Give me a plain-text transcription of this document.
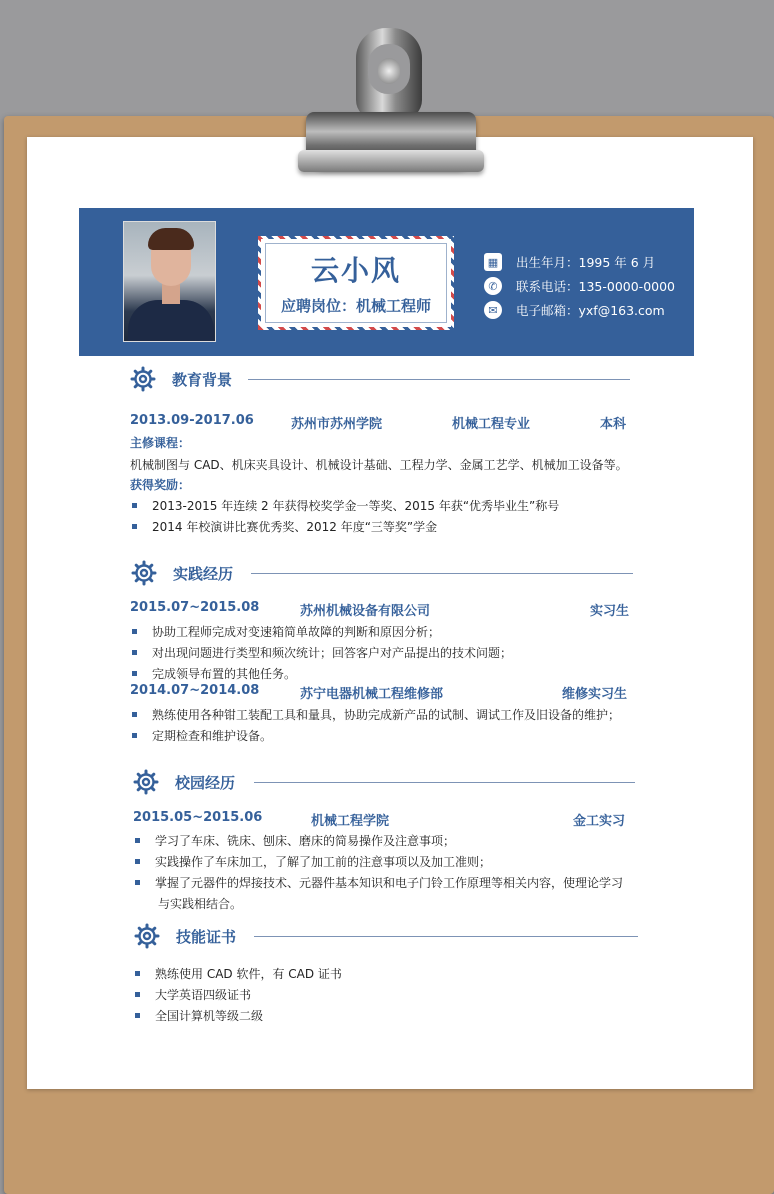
云小风
应聘岗位：机械工程师
▦	出生年月：1995 年 6 月
✆	联系电话：135-0000-0000
✉	电子邮箱：yxf@163.com
教育背景
2013.09-2017.06	苏州市苏州学院	机械工程专业	本科
主修课程：
机械制图与 CAD、机床夹具设计、机械设计基础、工程力学、金属工艺学、机械加工设备等。
获得奖励：
2013-2015 年连续 2 年获得校奖学金一等奖、2015 年获“优秀毕业生”称号
2014 年校演讲比赛优秀奖、2012 年度“三等奖”学金
实践经历
2015.07~2015.08	苏州机械设备有限公司	实习生
协助工程师完成对变速箱简单故障的判断和原因分析；
对出现问题进行类型和频次统计；回答客户对产品提出的技术问题；
完成领导布置的其他任务。
2014.07~2014.08	苏宁电器机械工程维修部	维修实习生
熟练使用各种钳工装配工具和量具，协助完成新产品的试制、调试工作及旧设备的维护；
定期检查和维护设备。
校园经历
2015.05~2015.06	机械工程学院	金工实习
学习了车床、铣床、刨床、磨床的简易操作及注意事项；
实践操作了车床加工，了解了加工前的注意事项以及加工准则；
掌握了元器件的焊接技术、元器件基本知识和电子门铃工作原理等相关内容，使理论学习
与实践相结合。
技能证书
熟练使用 CAD 软件，有 CAD 证书
大学英语四级证书
全国计算机等级二级
